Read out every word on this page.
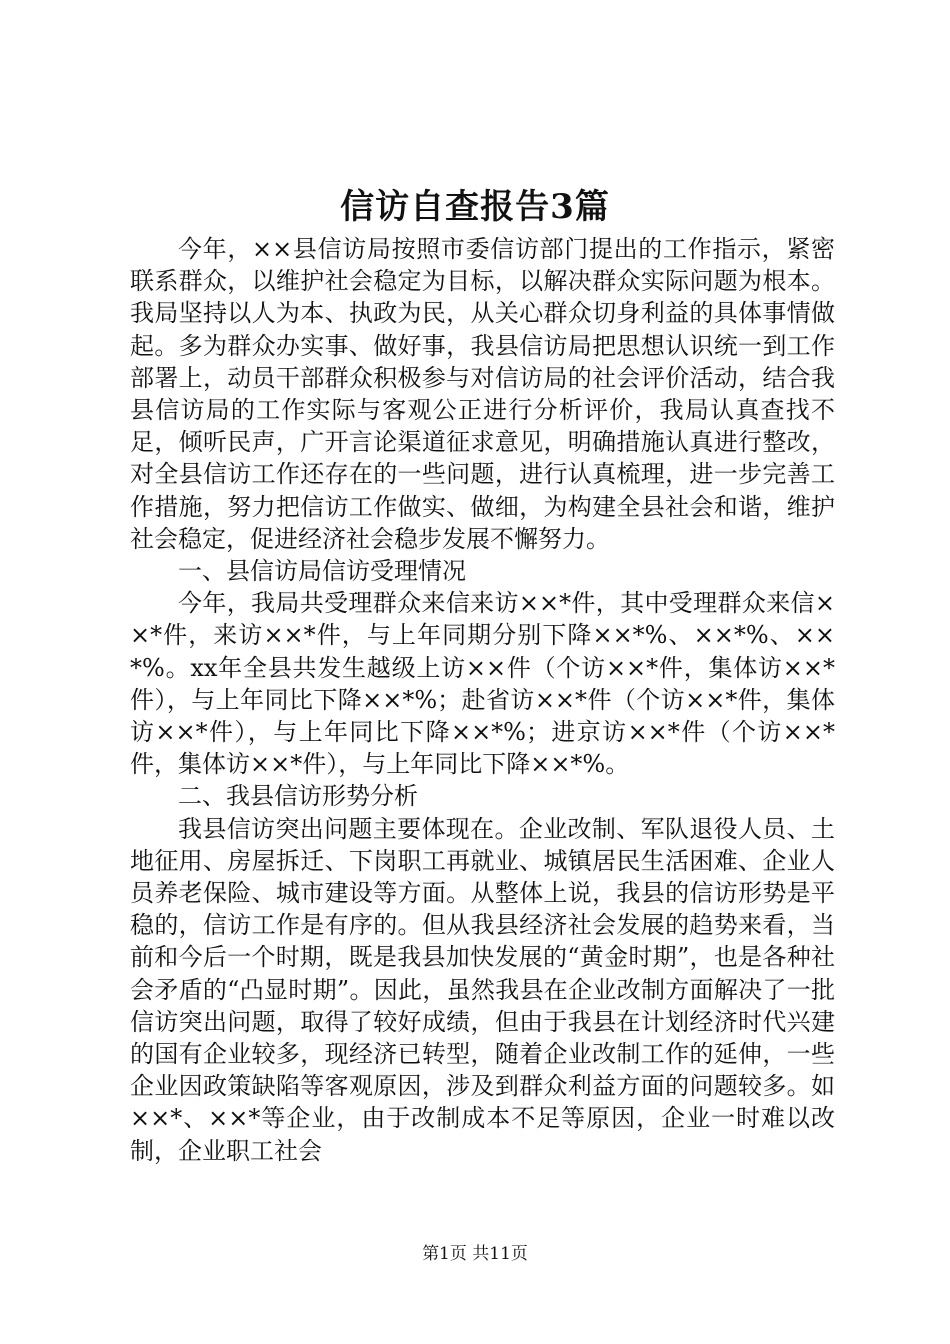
信访自查报告3篇

今年，××县信访局按照市委信访部门提出的工作指示，紧密联系群众，以维护社会稳定为目标，以解决群众实际问题为根本。我局坚持以人为本、执政为民，从关心群众切身利益的具体事情做起。多为群众办实事、做好事，我县信访局把思想认识统一到工作部署上，动员干部群众积极参与对信访局的社会评价活动，结合我县信访局的工作实际与客观公正进行分析评价，我局认真查找不足，倾听民声，广开言论渠道征求意见，明确措施认真进行整改，对全县信访工作还存在的一些问题，进行认真梳理，进一步完善工作措施，努力把信访工作做实、做细，为构建全县社会和谐，维护社会稳定，促进经济社会稳步发展不懈努力。

一、县信访局信访受理情况

今年，我局共受理群众来信来访××*件，其中受理群众来信××*件，来访××*件，与上年同期分别下降××*%、××*%、××*%。xx年全县共发生越级上访××件（个访××*件，集体访××*件），与上年同比下降××*%；赴省访××*件（个访××*件，集体访××*件），与上年同比下降××*%；进京访××*件（个访××*件，集体访××*件），与上年同比下降××*%。

二、我县信访形势分析

我县信访突出问题主要体现在。企业改制、军队退役人员、土地征用、房屋拆迁、下岗职工再就业、城镇居民生活困难、企业人员养老保险、城市建设等方面。从整体上说，我县的信访形势是平稳的，信访工作是有序的。但从我县经济社会发展的趋势来看，当前和今后一个时期，既是我县加快发展的“黄金时期”，也是各种社会矛盾的“凸显时期”。因此，虽然我县在企业改制方面解决了一批信访突出问题，取得了较好成绩，但由于我县在计划经济时代兴建的国有企业较多，现经济已转型，随着企业改制工作的延伸，一些企业因政策缺陷等客观原因，涉及到群众利益方面的问题较多。如××*、××*等企业，由于改制成本不足等原因，企业一时难以改制，企业职工社会

第1页 共11页
